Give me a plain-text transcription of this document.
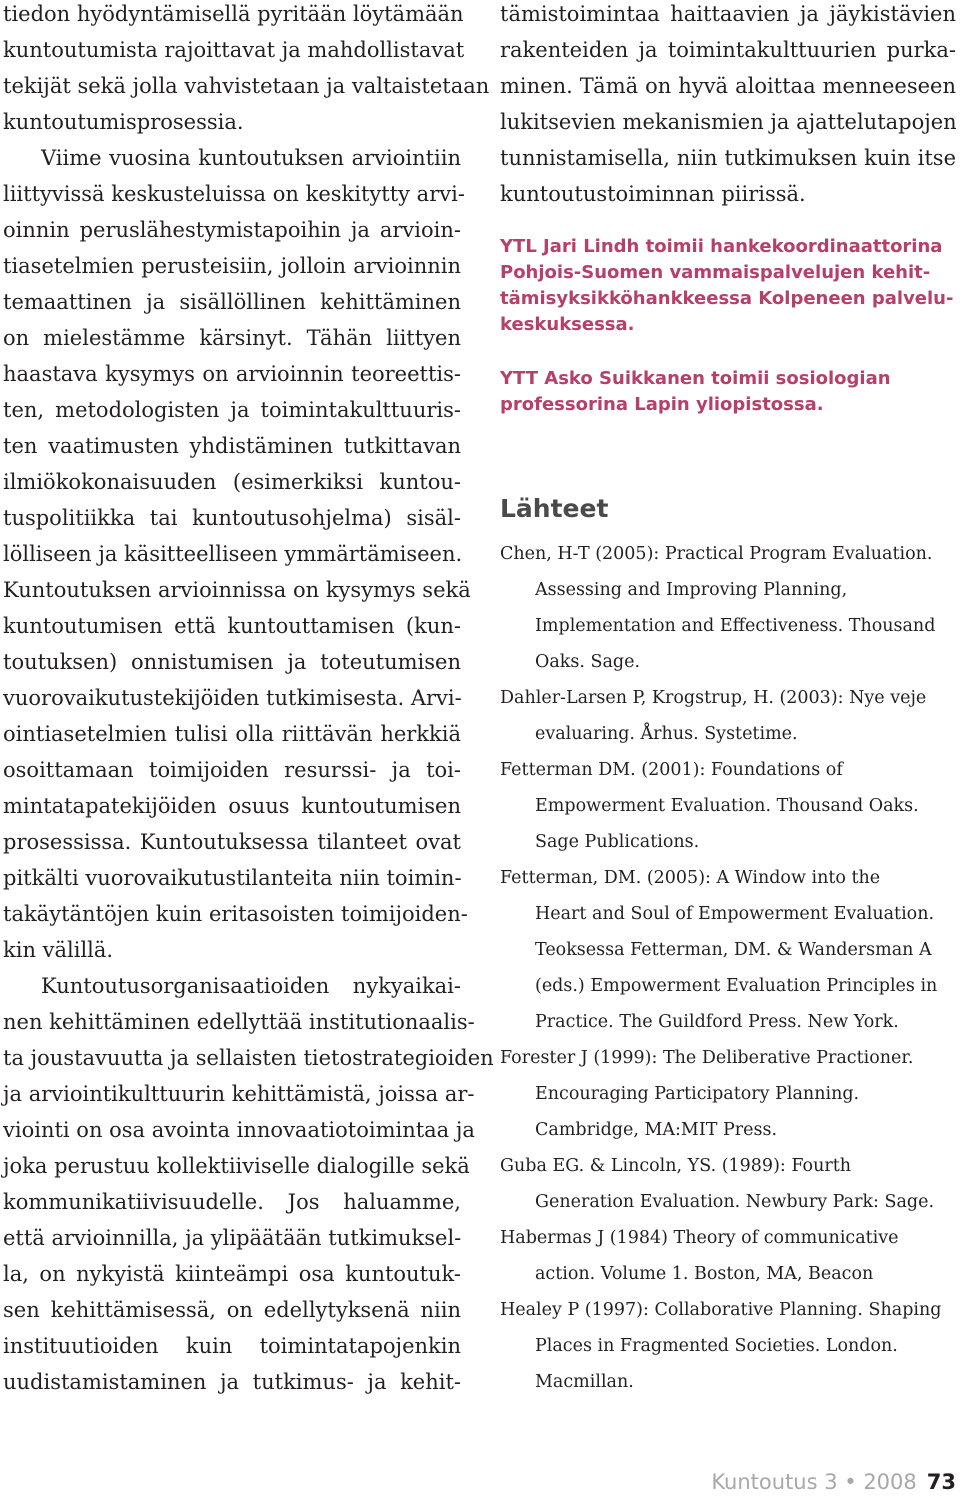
tiedon hyödyntämisellä pyritään löytämään
kuntoutumista rajoittavat ja mahdollistavat
tekijät sekä jolla vahvistetaan ja valtaistetaan
kuntoutumisprosessia.
Viime vuosina kuntoutuksen arviointiin
liittyvissä keskusteluissa on keskitytty arvi-
oinnin peruslähestymistapoihin ja arvioin-
tiasetelmien perusteisiin, jolloin arvioinnin
temaattinen ja sisällöllinen kehittäminen
on mielestämme kärsinyt. Tähän liittyen
haastava kysymys on arvioinnin teoreettis-
ten, metodologisten ja toimintakulttuuris-
ten vaatimusten yhdistäminen tutkittavan
ilmiökokonaisuuden (esimerkiksi kuntou-
tuspolitiikka tai kuntoutusohjelma) sisäl-
lölliseen ja käsitteelliseen ymmärtämiseen.
Kuntoutuksen arvioinnissa on kysymys sekä
kuntoutumisen että kuntouttamisen (kun-
toutuksen) onnistumisen ja toteutumisen
vuorovaikutustekijöiden tutkimisesta. Arvi-
ointiasetelmien tulisi olla riittävän herkkiä
osoittamaan toimijoiden resurssi- ja toi-
mintatapatekijöiden osuus kuntoutumisen
prosessissa. Kuntoutuksessa tilanteet ovat
pitkälti vuorovaikutustilanteita niin toimin-
takäytäntöjen kuin eritasoisten toimijoiden-
kin välillä.
Kuntoutusorganisaatioiden nykyaikai-
nen kehittäminen edellyttää institutionaalis-
ta joustavuutta ja sellaisten tietostrategioiden
ja arviointikulttuurin kehittämistä, joissa ar-
viointi on osa avointa innovaatiotoimintaa ja
joka perustuu kollektiiviselle dialogille sekä
kommunikatiivisuudelle. Jos haluamme,
että arvioinnilla, ja ylipäätään tutkimuksel-
la, on nykyistä kiinteämpi osa kuntoutuk-
sen kehittämisessä, on edellytyksenä niin
instituutioiden kuin toimintatapojenkin
uudistamistaminen ja tutkimus- ja kehit-
tämistoimintaa haittaavien ja jäykistävien
rakenteiden ja toimintakulttuurien purka-
minen. Tämä on hyvä aloittaa menneeseen
lukitsevien mekanismien ja ajattelutapojen
tunnistamisella, niin tutkimuksen kuin itse
kuntoutustoiminnan piirissä.
YTL Jari Lindh toimii hankekoordinaattorina
Pohjois-Suomen vammaispalvelujen kehit-
tämisyksikköhankkeessa Kolpeneen palvelu-
keskuksessa.
YTT Asko Suikkanen toimii sosiologian
professorina Lapin yliopistossa.
Lähteet
Chen, H-T (2005): Practical Program Evaluation.
Assessing and Improving Planning,
Implementation and Effectiveness. Thousand
Oaks. Sage.
Dahler-Larsen P, Krogstrup, H. (2003): Nye veje
evaluaring. Århus. Systetime.
Fetterman DM. (2001): Foundations of
Empowerment Evaluation. Thousand Oaks.
Sage Publications.
Fetterman, DM. (2005): A Window into the
Heart and Soul of Empowerment Evaluation.
Teoksessa Fetterman, DM. & Wandersman A
(eds.) Empowerment Evaluation Principles in
Practice. The Guildford Press. New York.
Forester J (1999): The Deliberative Practioner.
Encouraging Participatory Planning.
Cambridge, MA:MIT Press.
Guba EG. & Lincoln, YS. (1989): Fourth
Generation Evaluation. Newbury Park: Sage.
Habermas J (1984) Theory of communicative
action. Volume 1. Boston, MA, Beacon
Healey P (1997): Collaborative Planning. Shaping
Places in Fragmented Societies. London.
Macmillan.
Kuntoutus 3 • 2008 73
